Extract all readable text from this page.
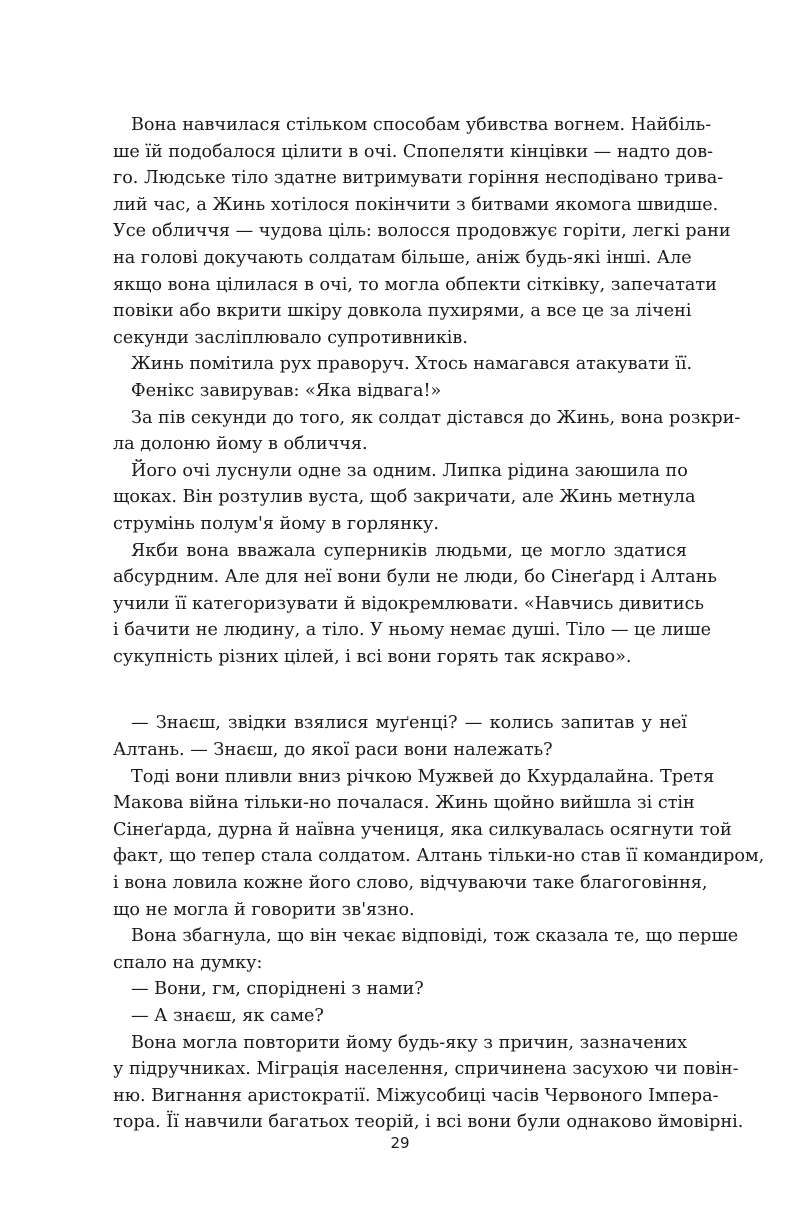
Вона навчилася стільком способам убивства вогнем. Найбіль-
ше їй подобалося цілити в очі. Спопеляти кінцівки — надто дов-
го. Людське тіло здатне витримувати горіння несподівано трива-
лий час, а Жинь хотілося покінчити з битвами якомога швидше.
Усе обличчя — чудова ціль: волосся продовжує горіти, легкі рани
на голові докучають солдатам більше, аніж будь-які інші. Але
якщо вона цілилася в очі, то могла обпекти сітківку, запечатати
повіки або вкрити шкіру довкола пухирями, а все це за лічені
секунди засліплювало супротивників.
Жинь помітила рух праворуч. Хтось намагався атакувати її.
Фенікс завирував: «Яка відвага!»
За пів секунди до того, як солдат дістався до Жинь, вона розкри-
ла долоню йому в обличчя.
Його очі луснули одне за одним. Липка рідина заюшила по
щоках. Він розтулив вуста, щоб закричати, але Жинь метнула
струмінь полум'я йому в горлянку.
Якби вона вважала суперників людьми, це могло здатися
абсурдним. Але для неї вони були не люди, бо Сінеґард і Алтань
учили її категоризувати й відокремлювати. «Навчись дивитись
і бачити не людину, а тіло. У ньому немає душі. Тіло — це лише
сукупність різних цілей, і всі вони горять так яскраво».
— Знаєш, звідки взялися муґенці? — колись запитав у неї
Алтань. — Знаєш, до якої раси вони належать?
Тоді вони пливли вниз річкою Мужвей до Кхурдалайна. Третя
Макова війна тільки-но почалася. Жинь щойно вийшла зі стін
Сінеґарда, дурна й наївна учениця, яка силкувалась осягнути той
факт, що тепер стала солдатом. Алтань тільки-но став її командиром,
і вона ловила кожне його слово, відчуваючи таке благоговіння,
що не могла й говорити зв'язно.
Вона збагнула, що він чекає відповіді, тож сказала те, що перше
спало на думку:
— Вони, гм, споріднені з нами?
— А знаєш, як саме?
Вона могла повторити йому будь-яку з причин, зазначених
у підручниках. Міграція населення, спричинена засухою чи повін-
ню. Вигнання аристократії. Міжусобиці часів Червоного Імпера-
тора. Її навчили багатьох теорій, і всі вони були однаково ймовірні.
29
